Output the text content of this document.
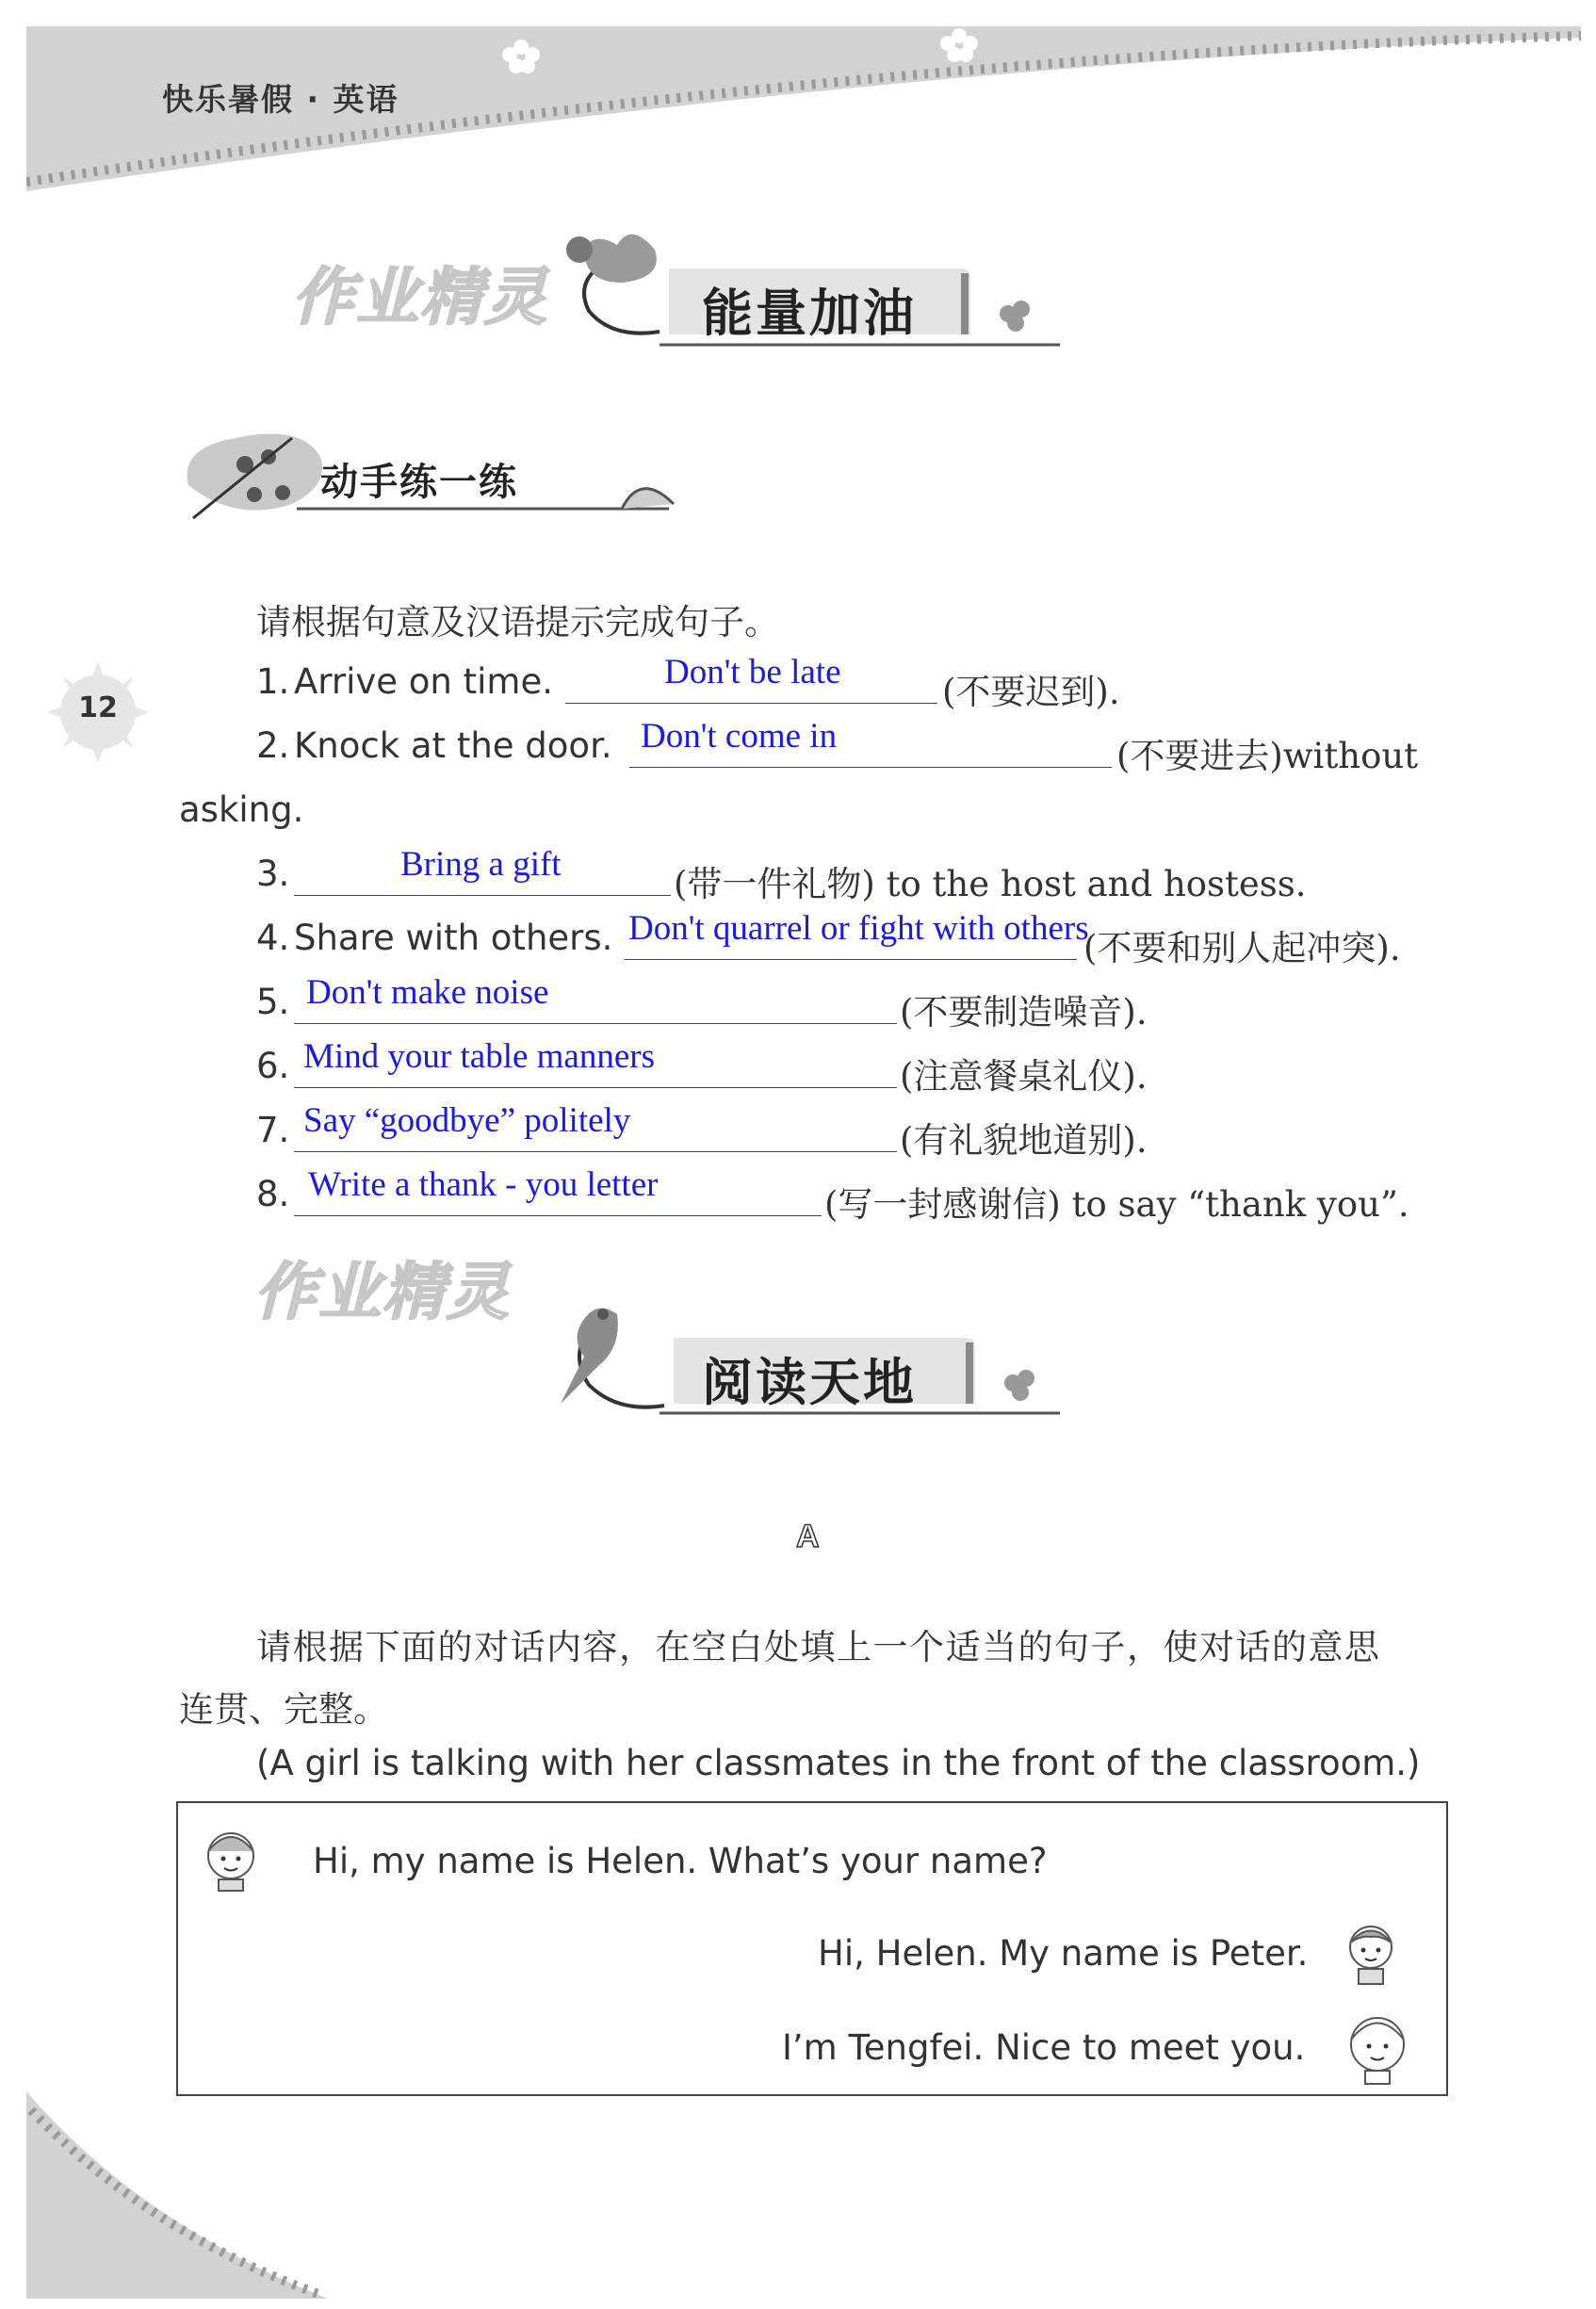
快乐暑假 · 英语
12
作业精灵	能量加油
动手练一练
请根据句意及汉语提示完成句子。
1. Arrive on time.	Don't be late	(不要迟到).
2. Knock at the door. Don't come in	(不要进去)without
asking.
3.	Bring a gift	(带一件礼物) to the host and hostess.
4. Share with others. Don't quarrel or fight with others
(不要和别人起冲突).
5. Don't make noise	(不要制造噪音).
6. Mind your table manners	(注意餐桌礼仪).
7. Say “goodbye” politely	(有礼貌地道别).
8. Write a thank - you letter	(写一封感谢信) to say “thank you”.
作业精灵
阅读天地
A
请根据下面的对话内容，在空白处填上一个适当的句子，使对话的意思
连贯、完整。
(A girl is talking with her classmates in the front of the classroom.)
Hi, my name is Helen. What’s your name?
Hi, Helen. My name is Peter.
I’m Tengfei. Nice to meet you.
